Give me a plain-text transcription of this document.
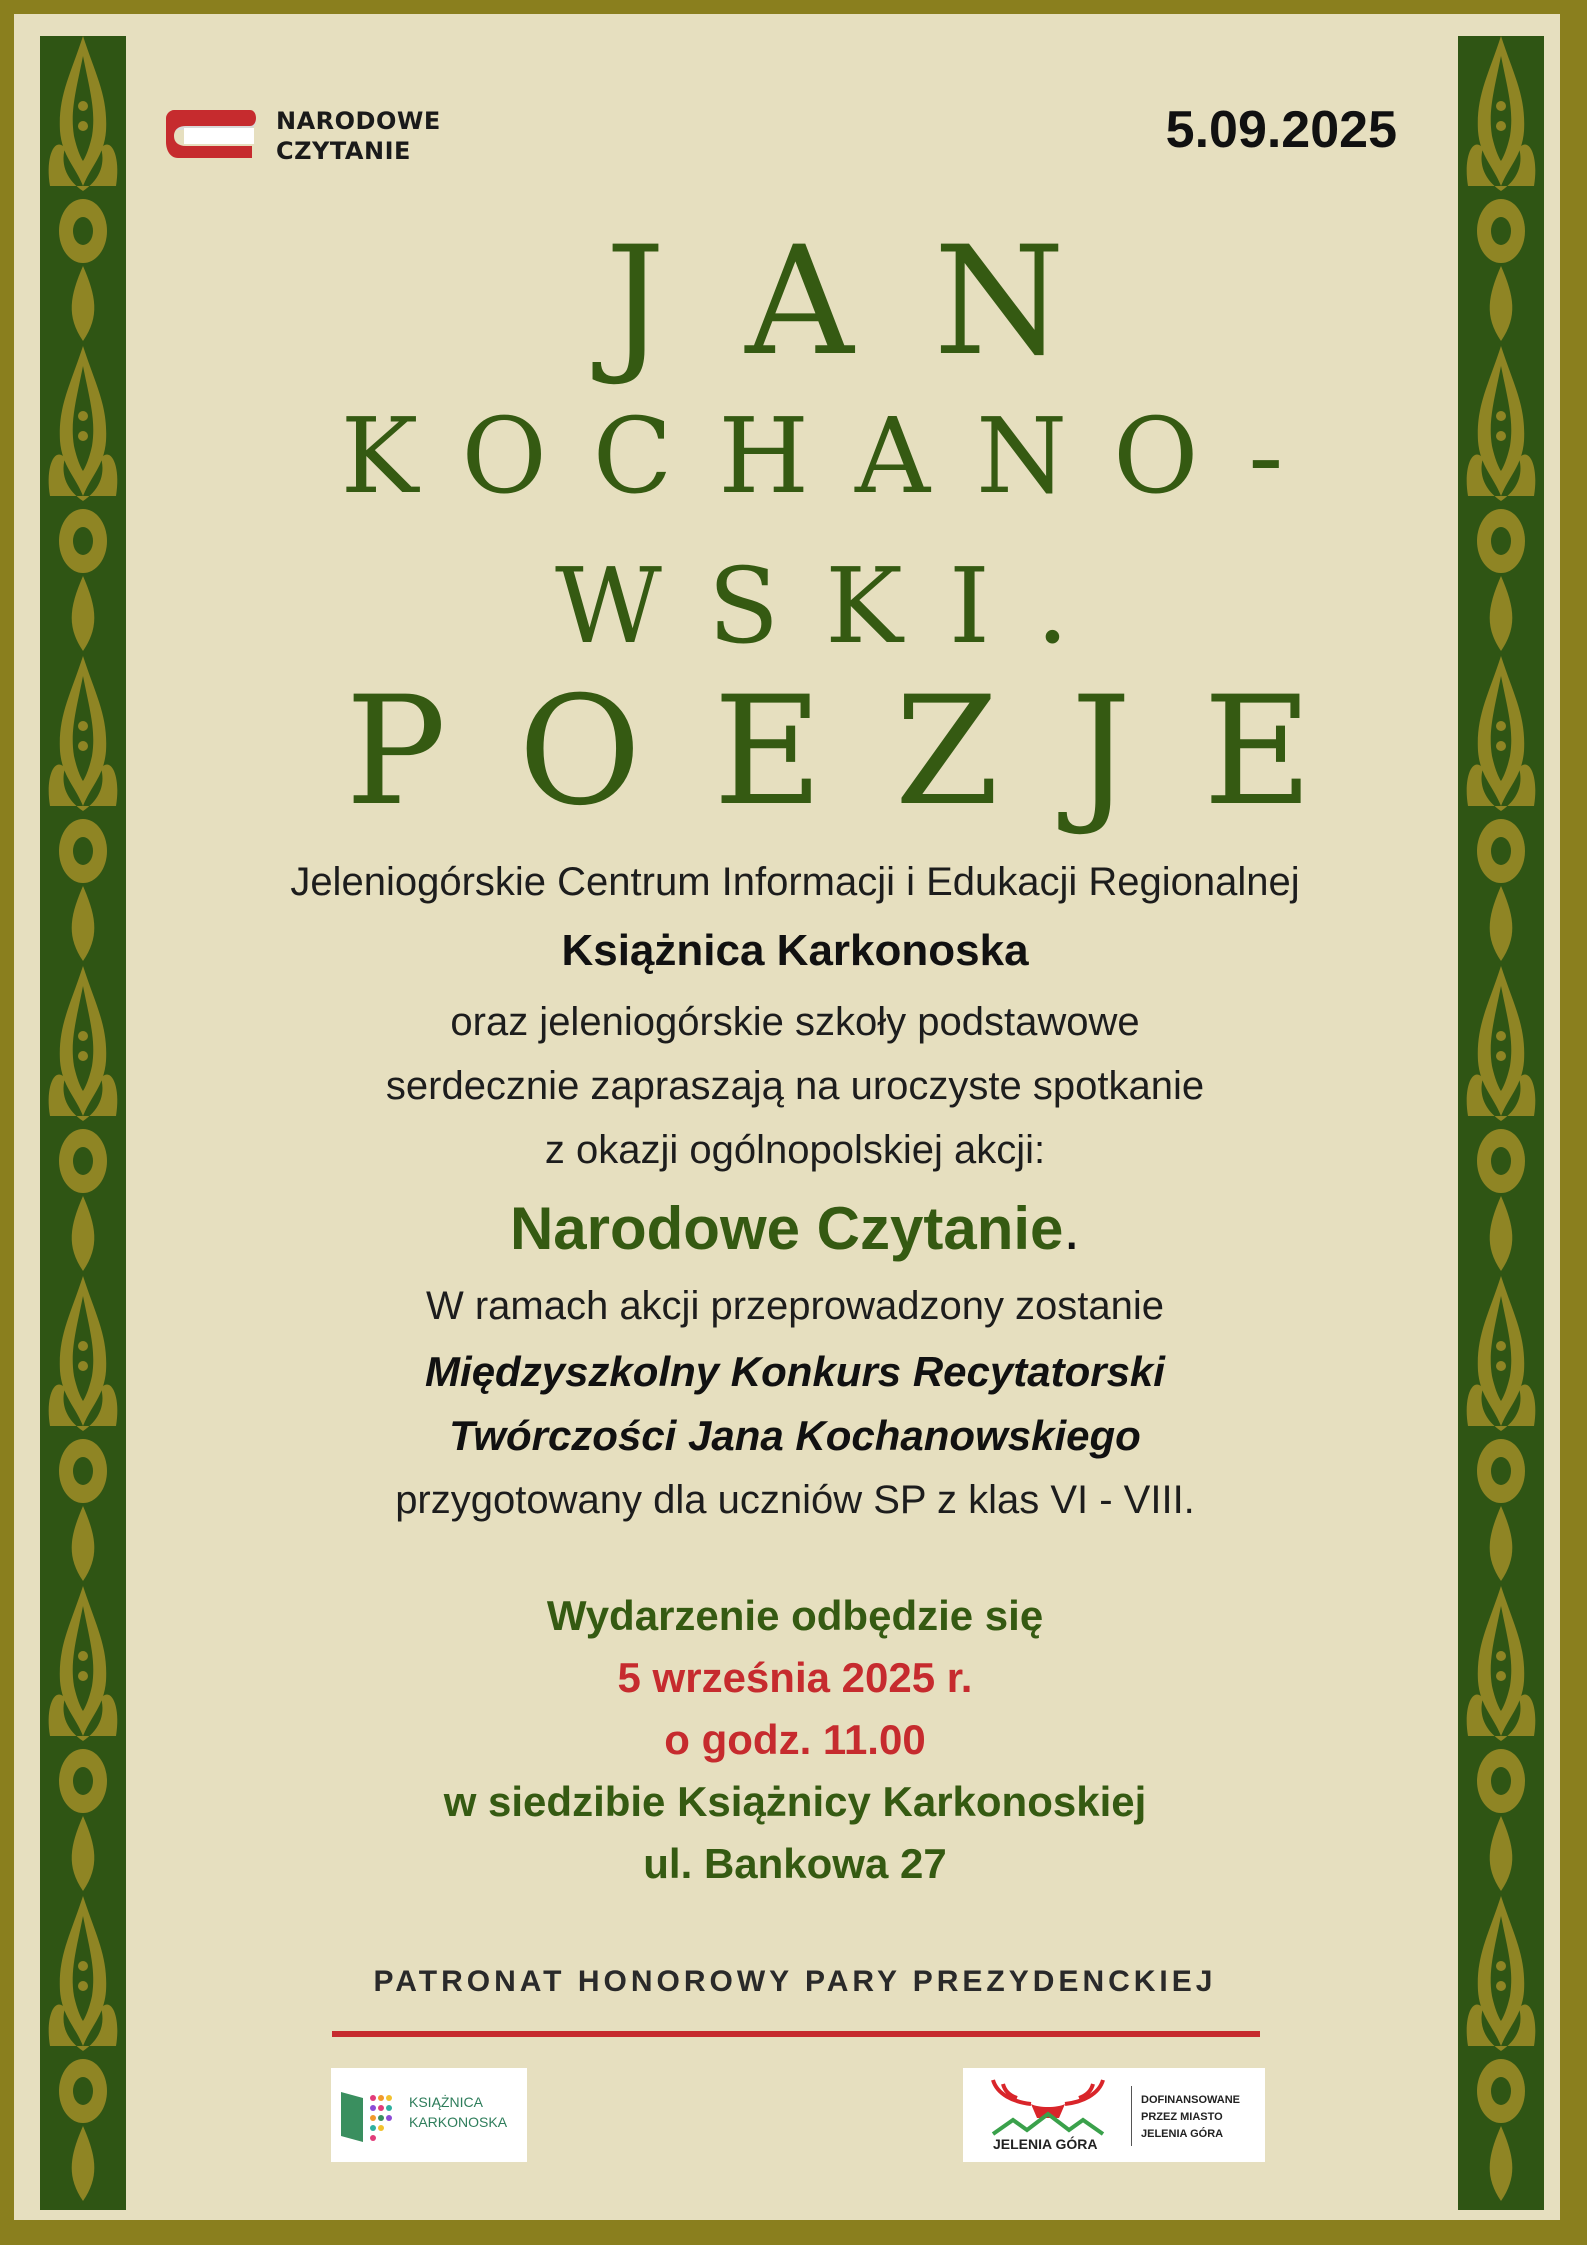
NARODOWE
CZYTANIE	5.09.2025
JAN
KOCHANO-
WSKI.
POEZJE
Jeleniogórskie Centrum Informacji i Edukacji Regionalnej
Książnica Karkonoska
oraz jeleniogórskie szkoły podstawowe
serdecznie zapraszają na uroczyste spotkanie
z okazji ogólnopolskiej akcji:
Narodowe Czytanie.
W ramach akcji przeprowadzony zostanie
Międzyszkolny Konkurs Recytatorski
Twórczości Jana Kochanowskiego
przygotowany dla uczniów SP z klas VI - VIII.
Wydarzenie odbędzie się
5 września 2025 r.
o godz. 11.00
w siedzibie Książnicy Karkonoskiej
ul. Bankowa 27
PATRONAT HONOROWY PARY PREZYDENCKIEJ
KSIĄŻNICA
KARKONOSKA
JELENIA GÓRA
DOFINANSOWANE
PRZEZ MIASTO
JELENIA GÓRA
